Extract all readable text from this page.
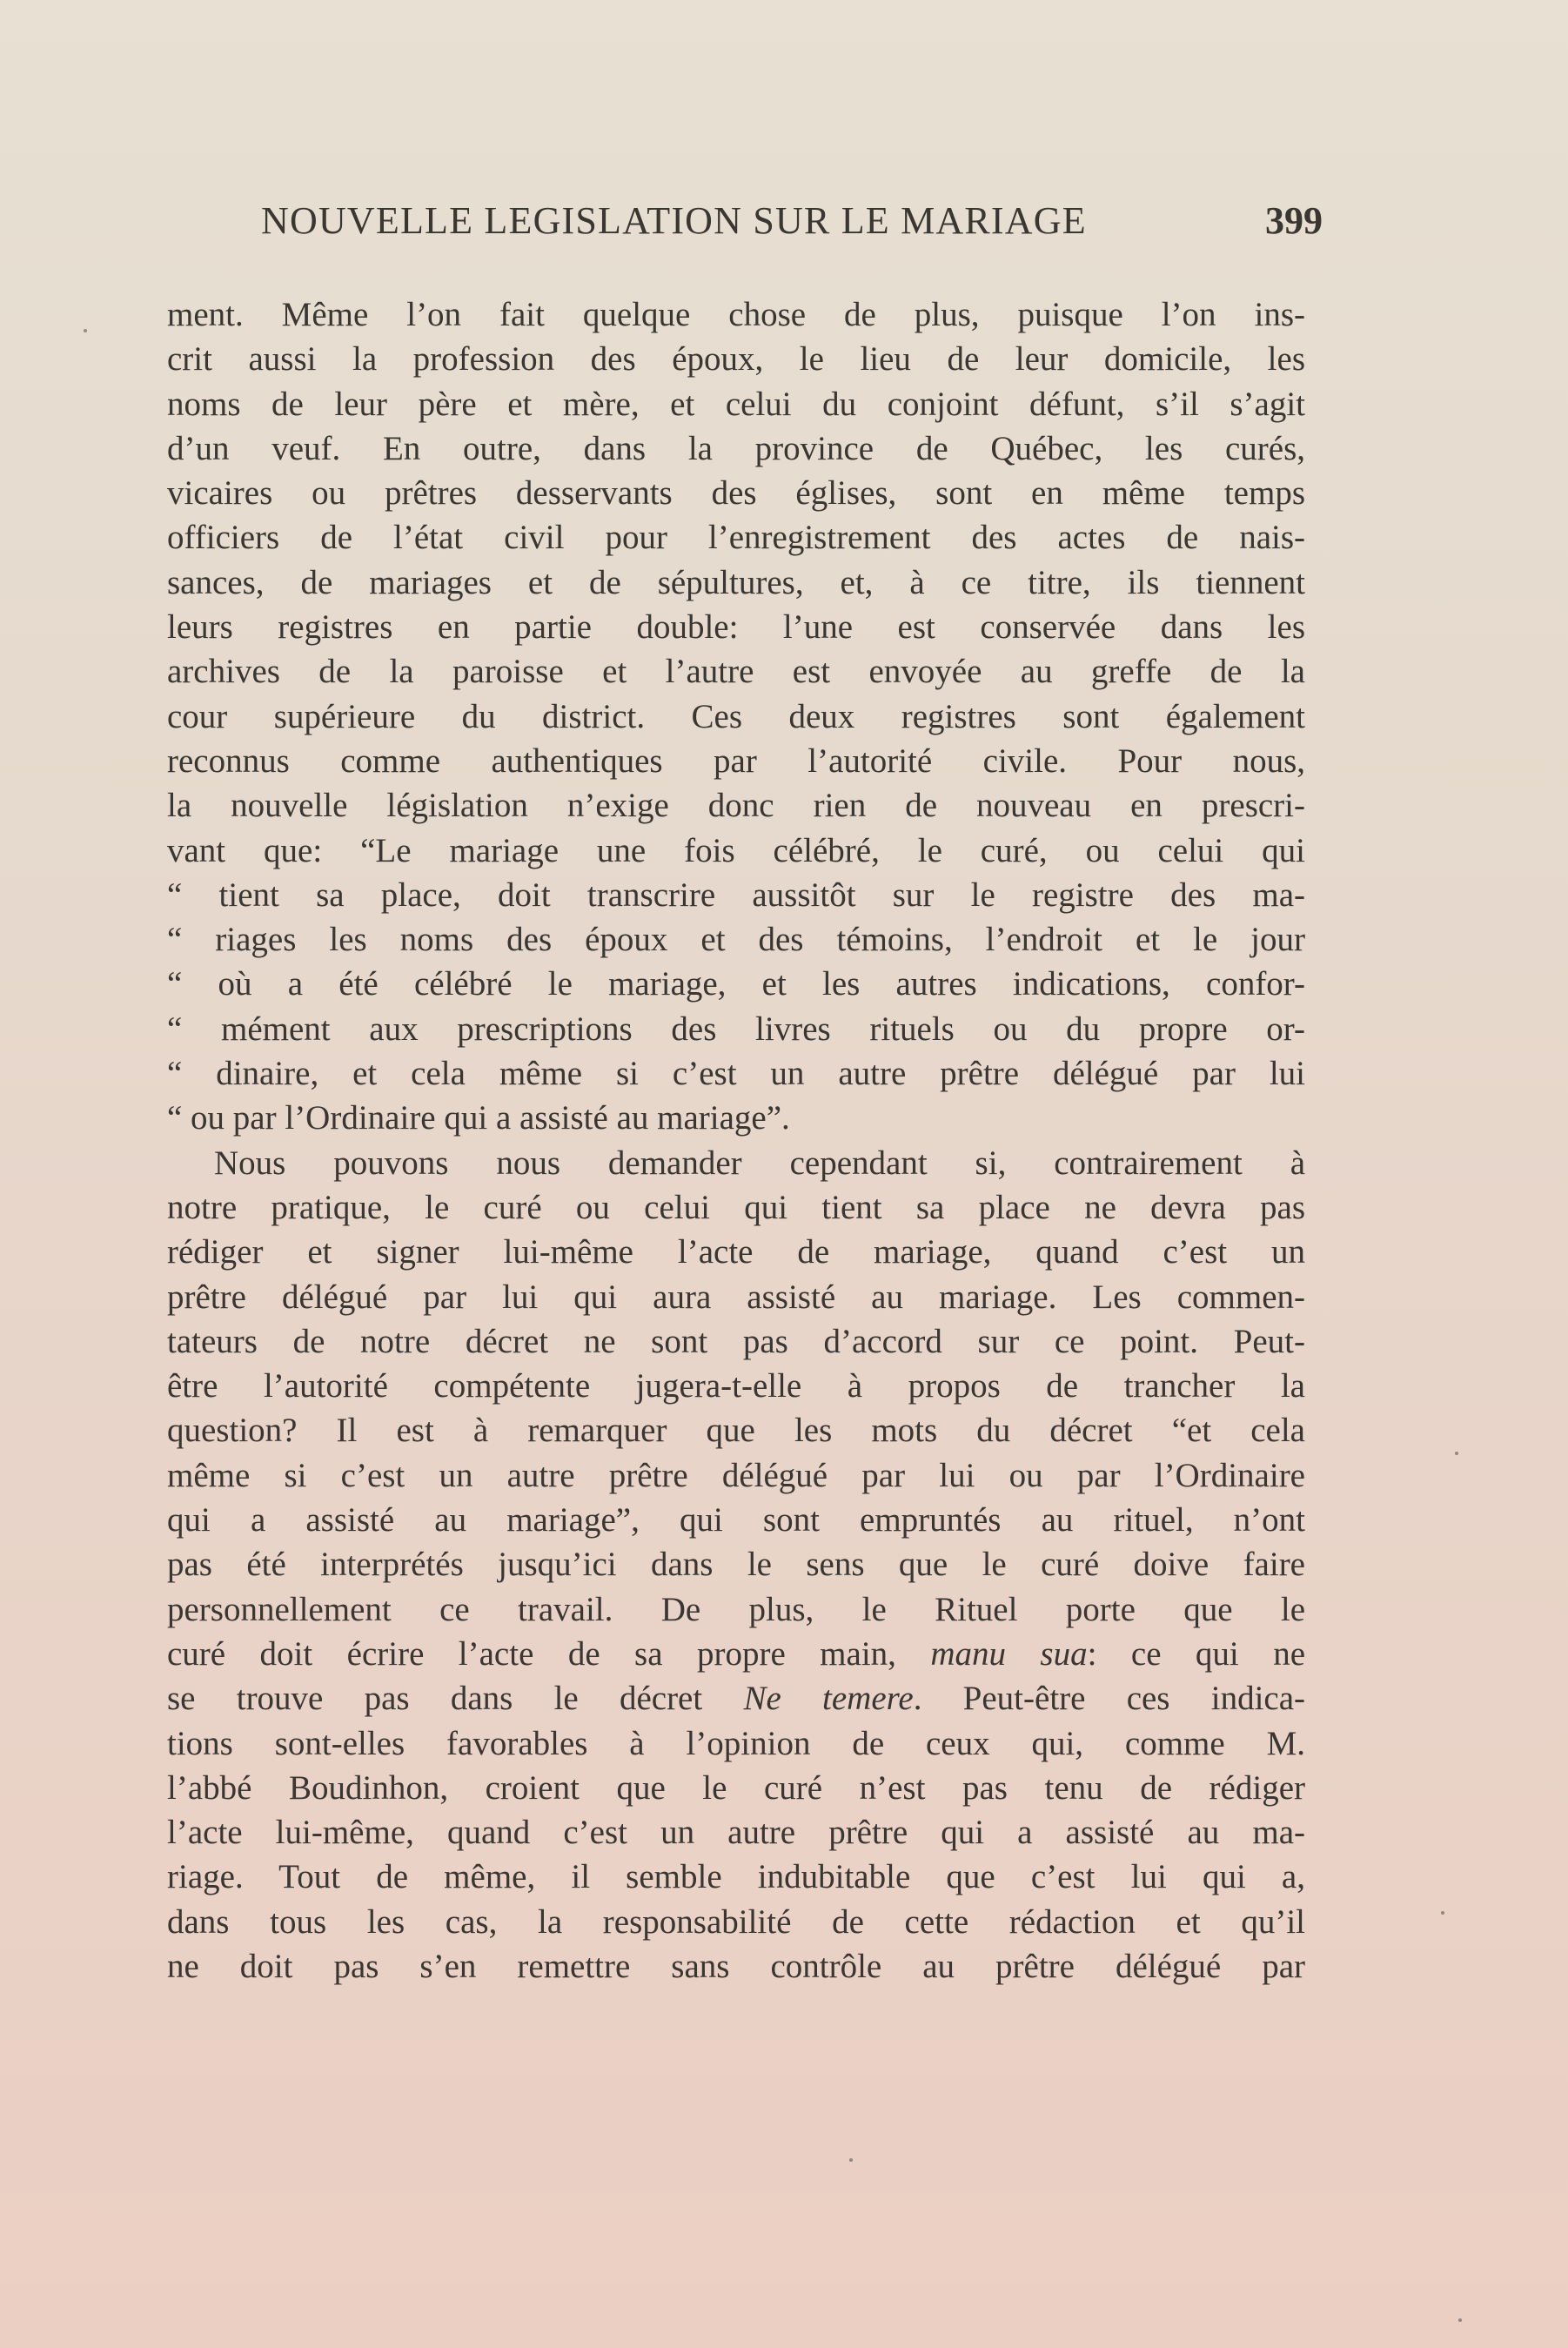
NOUVELLE LEGISLATION SUR LE MARIAGE	399
ment. Même l’on fait quelque chose de plus, puisque l’on ins-
crit aussi la profession des époux, le lieu de leur domicile, les
noms de leur père et mère, et celui du conjoint défunt, s’il s’agit
d’un veuf. En outre, dans la province de Québec, les curés,
vicaires ou prêtres desservants des églises, sont en même temps
officiers de l’état civil pour l’enregistrement des actes de nais-
sances, de mariages et de sépultures, et, à ce titre, ils tiennent
leurs registres en partie double: l’une est conservée dans les
archives de la paroisse et l’autre est envoyée au greffe de la
cour supérieure du district. Ces deux registres sont également
reconnus comme authentiques par l’autorité civile. Pour nous,
la nouvelle législation n’exige donc rien de nouveau en prescri-
vant que: “Le mariage une fois célébré, le curé, ou celui qui
“ tient sa place, doit transcrire aussitôt sur le registre des ma-
“ riages les noms des époux et des témoins, l’endroit et le jour
“ où a été célébré le mariage, et les autres indications, confor-
“ mément aux prescriptions des livres rituels ou du propre or-
“ dinaire, et cela même si c’est un autre prêtre délégué par lui
“ ou par l’Ordinaire qui a assisté au mariage”.
Nous pouvons nous demander cependant si, contrairement à
notre pratique, le curé ou celui qui tient sa place ne devra pas
rédiger et signer lui-même l’acte de mariage, quand c’est un
prêtre délégué par lui qui aura assisté au mariage. Les commen-
tateurs de notre décret ne sont pas d’accord sur ce point. Peut-
être l’autorité compétente jugera-t-elle à propos de trancher la
question? Il est à remarquer que les mots du décret “et cela
même si c’est un autre prêtre délégué par lui ou par l’Ordinaire
qui a assisté au mariage”, qui sont empruntés au rituel, n’ont
pas été interprétés jusqu’ici dans le sens que le curé doive faire
personnellement ce travail. De plus, le Rituel porte que le
curé doit écrire l’acte de sa propre main, manu sua: ce qui ne
se trouve pas dans le décret Ne temere. Peut-être ces indica-
tions sont-elles favorables à l’opinion de ceux qui, comme M.
l’abbé Boudinhon, croient que le curé n’est pas tenu de rédiger
l’acte lui-même, quand c’est un autre prêtre qui a assisté au ma-
riage. Tout de même, il semble indubitable que c’est lui qui a,
dans tous les cas, la responsabilité de cette rédaction et qu’il
ne doit pas s’en remettre sans contrôle au prêtre délégué par
